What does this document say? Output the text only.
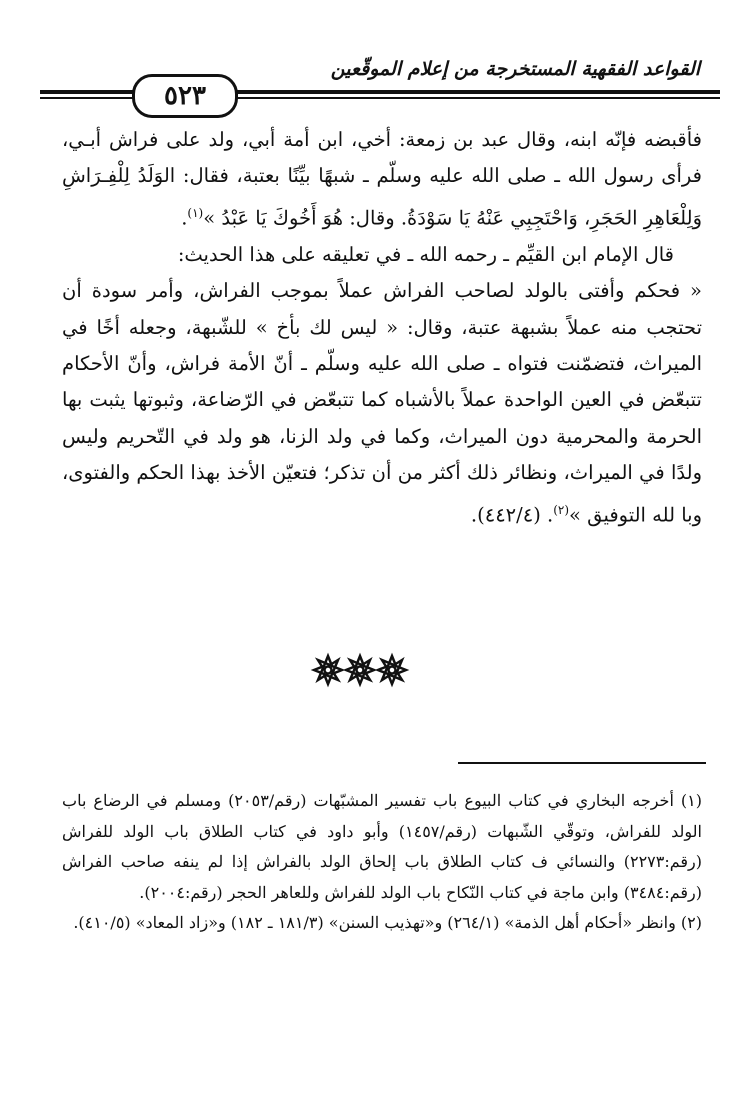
القواعد الفقهية المستخرجة من إعلام الموقّعين
٥٢٣

فأقبضه فإنّه ابنه، وقال عبد بن زمعة: أخي، ابن أمة أبي، ولد على فراش أبـي، فرأى رسول الله ـ صلى الله عليه وسلّم ـ شبهًا بيِّنًا بعتبة، فقال: الوَلَدُ لِلْفِـرَاشِ وَلِلْعَاهِرِ الحَجَرِ، وَاحْتَجِبِي عَنْهُ يَا سَوْدَةُ. وقال: هُوَ أَخُوكَ يَا عَبْدُ »$^{(١)}$.

قال الإمام ابن القيِّم ـ رحمه الله ـ في تعليقه على هذا الحديث:

« فحكم وأفتى بالولد لصاحب الفراش عملاً بموجب الفراش، وأمر سودة أن تحتجب منه عملاً بشبهة عتبة، وقال: « ليس لك بأخ » للشّبهة، وجعله أخًا في الميراث، فتضمّنت فتواه ـ صلى الله عليه وسلّم ـ أنّ الأمة فراش، وأنّ الأحكام تتبعّض في العين الواحدة عملاً بالأشباه كما تتبعّض في الرّضاعة، وثبوتها يثبت بها الحرمة والمحرمية دون الميراث، وكما في ولد الزنا، هو ولد في التّحريم وليس ولدًا في الميراث، ونظائر ذلك أكثر من أن تذكر؛ فتعيّن الأخذ بهذا الحكم والفتوى، وبا لله التوفيق »$^{(٢)}$. (٤٤٢/٤).

(١) أخرجه البخاري في كتاب البيوع باب تفسير المشبّهات (رقم/٢٠٥٣) ومسلم في الرضاع باب الولد للفراش، وتوقّي الشّبهات (رقم/١٤٥٧) وأبو داود في كتاب الطلاق باب الولد للفراش (رقم:٢٢٧٣) والنسائي ف كتاب الطلاق باب إلحاق الولد بالفراش إذا لم ينفه صاحب الفراش (رقم:٣٤٨٤) وابن ماجة في كتاب النّكاح باب الولد للفراش وللعاهر الحجر (رقم:٢٠٠٤).

(٢) وانظر «أحكام أهل الذمة» (٢٦٤/١) و«تهذيب السنن» (١٨١/٣ ـ ١٨٢) و«زاد المعاد» (٤١٠/٥).
